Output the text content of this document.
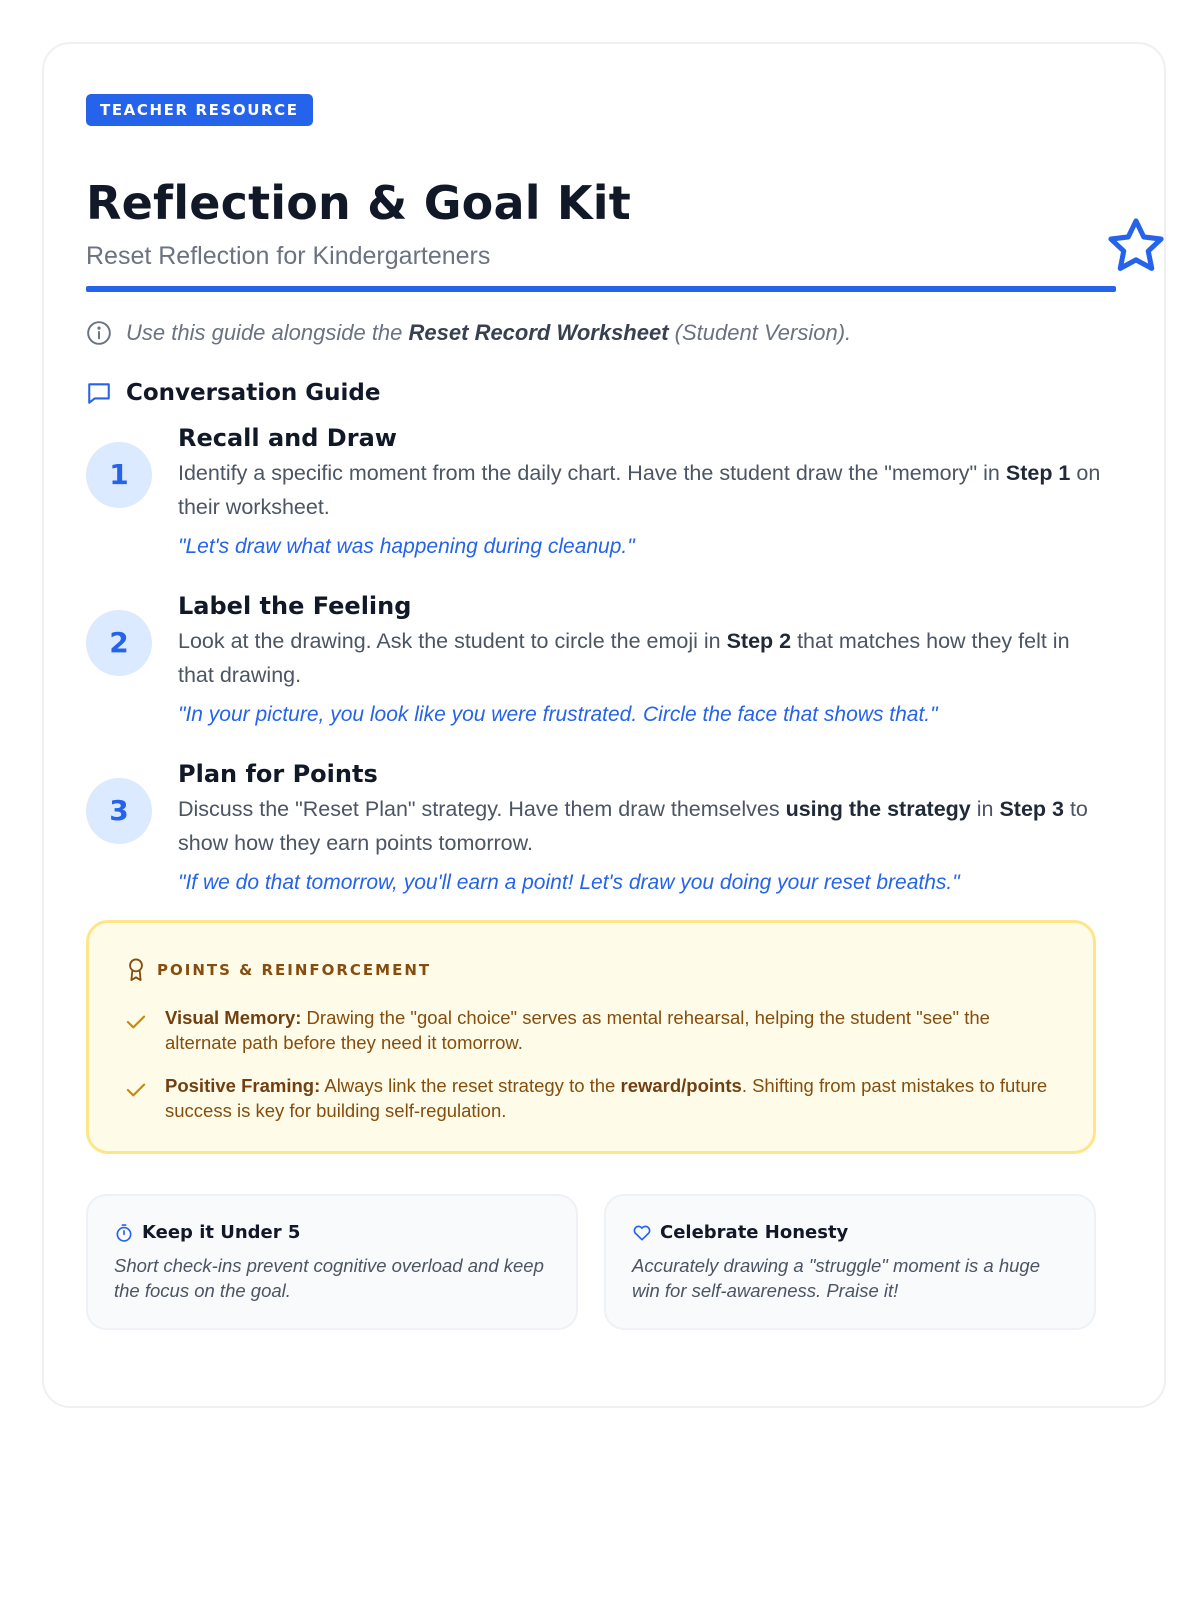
TEACHER RESOURCE
Reflection & Goal Kit
Reset Reflection for Kindergarteners
Use this guide alongside the Reset Record Worksheet (Student Version).
Conversation Guide
1
Recall and Draw

Identify a specific moment from the daily chart. Have the student draw the "memory" in Step 1 on their worksheet.

"Let's draw what was happening during cleanup."
2
Label the Feeling

Look at the drawing. Ask the student to circle the emoji in Step 2 that matches how they felt in that drawing.

"In your picture, you look like you were frustrated. Circle the face that shows that."
3
Plan for Points

Discuss the "Reset Plan" strategy. Have them draw themselves using the strategy in Step 3 to show how they earn points tomorrow.

"If we do that tomorrow, you'll earn a point! Let's draw you doing your reset breaths."
POINTS & REINFORCEMENT
Visual Memory: Drawing the "goal choice" serves as mental rehearsal, helping the student "see" the alternate path before they need it tomorrow.
Positive Framing: Always link the reset strategy to the reward/points. Shifting from past mistakes to future success is key for building self-regulation.
Keep it Under 5

Short check-ins prevent cognitive overload and keep the focus on the goal.

Celebrate Honesty

Accurately drawing a "struggle" moment is a huge win for self-awareness. Praise it!
